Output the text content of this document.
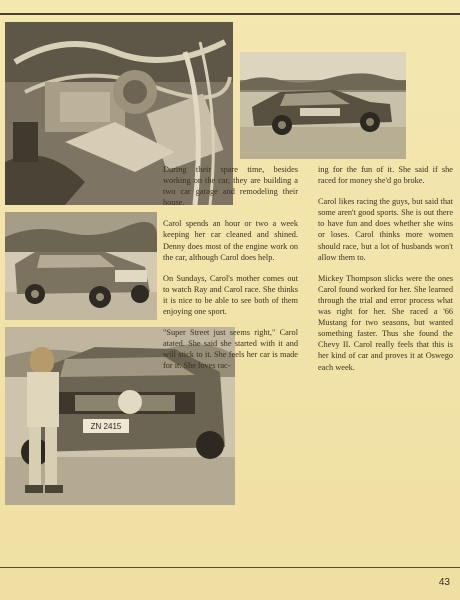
ZN 2415

During their spare time, besides working on the car, they are building a two car garage and remodeling their house.

Carol spends an hour or two a week keeping her car cleaned and shined. Denny does most of the engine work on the car, although Carol does help.

On Sundays, Carol's mother comes out to watch Ray and Carol race. She thinks it is nice to be able to see both of them enjoying one sport.

"Super Street just seems right," Carol atated. She said she started with it and will stick to it. She feels her car is made for it. She loves rac-

ing for the fun of it. She said if she raced for money she'd go broke.

Carol likes racing the guys, but said that some aren't good sports. She is out there to have fun and does whether she wins or loses. Carol thinks more women should race, but a lot of husbands won't allow them to.

Mickey Thompson slicks were the ones Carol found worked for her. She learned through the trial and error process what was right for her. She raced a '66 Mustang for two seasons, but wanted something faster. Thus she found the Chevy II. Carol really feels that this is her kind of car and proves it at Oswego each week.

43
